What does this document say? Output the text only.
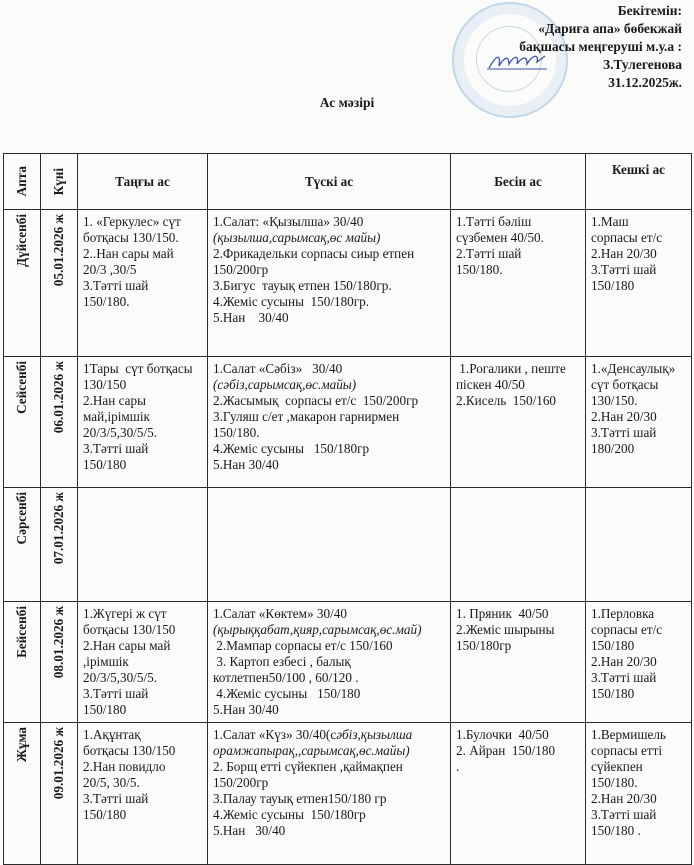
Бекітемін:
«Дариға апа» бөбекжай
бақшасы меңгеруші м.у.а :
З.Тулегенова
31.12.2025ж.
Ас мәзірі
Апта	Күні	Таңғы ас	Түскі ас	Бесін ас	Кешкі ас

Дүйсенбі	05.01.2026 ж	1. «Геркулес» сүт
ботқасы 130/150.
2..Нан сары май
20/3 ,30/5
3.Тәтті шай
150/180.

1.Салат: «Қызылша» 30/40
(қызылша,сарымсақ,өс майы)
2.Фрикадельки сорпасы сиыр етпен
150/200гр
3.Бигус  тауық етпен 150/180гр.
4.Жеміс сусыны  150/180гр.
5.Нан    30/40

1.Тәтті бәліш
сүзбемен 40/50.
2.Тәтті шай
150/180.

1.Маш
сорпасы ет/с
2.Нан 20/30
3.Тәтті шай
150/180

Сейсенбі	06.01.2026 ж	1Тары  сүт ботқасы
130/150
2.Нан сары
май,ірімшік
20/3/5,30/5/5.
3.Тәтті шай
150/180

1.Салат «Сәбіз»   30/40
(сәбіз,сарымсақ,өс.майы)
2.Жасымық  сорпасы ет/с  150/200гр
3.Гуляш с/ет ,макарон гарнирмен
150/180.
4.Жеміс сусыны   150/180гр
5.Нан 30/40

1.Рогалики , пеште
піскен 40/50
2.Кисель  150/160

1.«Денсаулық»
сүт ботқасы
130/150.
2.Нан 20/30
3.Тәтті шай
180/200

Сәрсенбі	07.01.2026 ж				

Бейсенбі	08.01.2026 ж	1.Жүгері ж сүт
ботқасы 130/150
2.Нан сары май
,ірімшік
20/3/5,30/5/5.
3.Тәтті шай
150/180

1.Салат «Көктем» 30/40
(қырыққабат,қияр,сарымсақ,өс.май)
2.Мампар сорпасы ет/с 150/160
3. Картоп езбесі , балық
котлетпен50/100 , 60/120 .
4.Жеміс сусыны   150/180
5.Нан 30/40

1. Пряник  40/50
2.Жеміс шырыны
150/180гр

1.Перловка
сорпасы ет/с
150/180
2.Нан 20/30
3.Тәтті шай
150/180

Жұма	09.01.2026 ж	1.Ақұнтақ
ботқасы 130/150
2.Нан повидло
20/5, 30/5.
3.Тәтті шай
150/180

1.Салат «Күз» 30/40(сәбіз,қызылша
орамжапырақ,,сарымсақ,өс.майы)
2. Борщ етті сүйекпен ,қаймақпен
150/200гр
3.Палау тауық етпен150/180 гр
4.Жеміс сусыны  150/180гр
5.Нан   30/40

1.Булочки  40/50
2. Айран  150/180
.

1.Вермишель
сорпасы етті
сүйекпен
150/180.
2.Нан 20/30
3.Тәтті шай
150/180 .
